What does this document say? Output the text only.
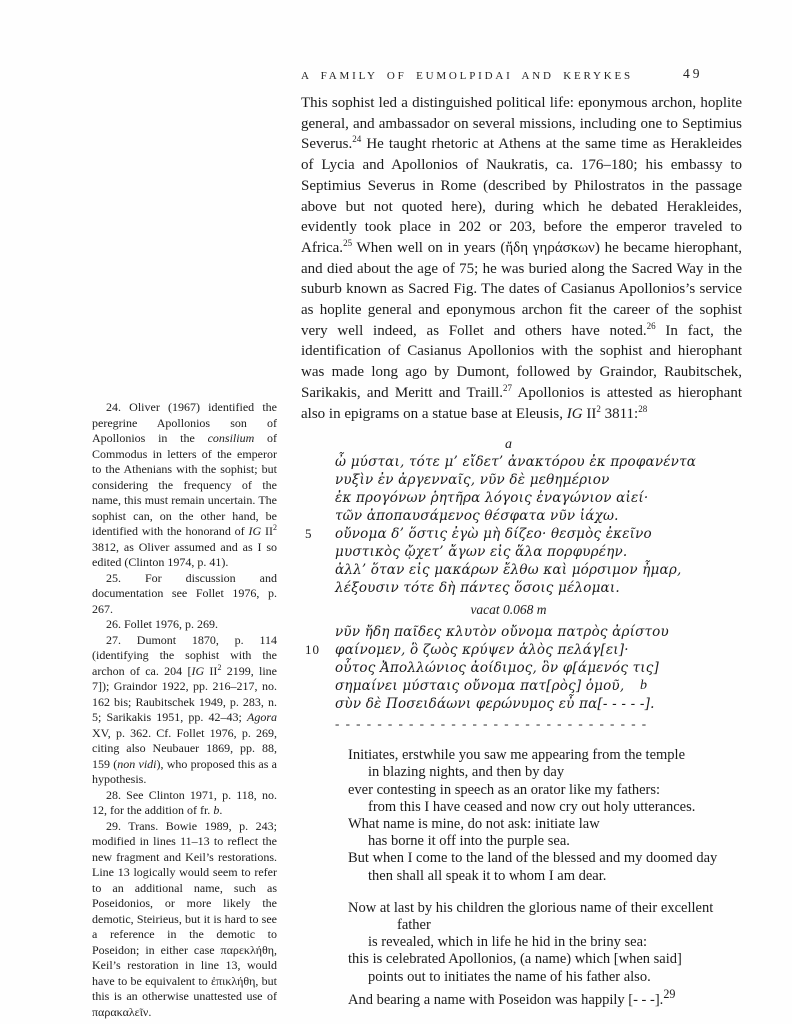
A FAMILY OF EUMOLPIDAI AND KERYKES	49

This sophist led a distinguished political life: eponymous archon, hoplite general, and ambassador on several missions, including one to Septimius Severus.$^{24}$ He taught rhetoric at Athens at the same time as Herakleides of Lycia and Apollonios of Naukratis, ca. 176–180; his embassy to Septimius Severus in Rome (described by Philostratos in the passage above but not quoted here), during which he debated Herakleides, evidently took place in 202 or 203, before the emperor traveled to Africa.$^{25}$ When well on in years (ἤδη γηράσκων) he became hierophant, and died about the age of 75; he was buried along the Sacred Way in the suburb known as Sacred Fig. The dates of Casianus Apollonios’s service as hoplite general and eponymous archon fit the career of the sophist very well indeed, as Follet and others have noted.$^{26}$ In fact, the identification of Casianus Apollonios with the sophist and hierophant was made long ago by Dumont, followed by Graindor, Raubitschek, Sarikakis, and Meritt and Traill.$^{27}$ Apollonios is attested as hierophant also in epigrams on a statue base at Eleusis, IG $II^2$ 3811:$^{28}$

a
ὦ μύσται, τότε μ’ εἴδετ’ ἀνακτόρου ἐκ προφανέντα
νυξὶν ἐν ἀργενναῖς, νῦν δὲ μεθημέριον
ἐκ προγόνων ῥητῆρα λόγοις ἐναγώνιον αἰεί·
τῶν ἀποπαυσάμενος θέσφατα νῦν ἰάχω.
5 οὔνομα δ’ ὅστις ἐγὼ μὴ δίζεο· θεσμὸς ἐκεῖνο
μυστικὸς ᾤχετ’ ἄγων εἰς ἅλα πορφυρέην.
ἀλλ’ ὅταν εἰς μακάρων ἔλθω καὶ μόρσιμον ἦμαρ,
λέξουσιν τότε δὴ πάντες ὅσοις μέλομαι.
vacat 0.068 m
νῦν ἤδη παῖδες κλυτὸν οὔνομα πατρὸς ἀρίστου
10 φαίνομεν, ὃ ζωὸς κρύψεν ἁλὸς πελάγ[ει]·
οὗτος Ἀπολλώνιος ἀοίδιμος, ὃν φ[άμενός τις]
σημαίνει μύσταις οὔνομα πατ[ρὸς] ὁμοῦ, b
σὺν δὲ Ποσειδάωνι φερώνυμος εὖ πα[- - - - -].
- - - - - - - - - - - - - - - - - - - - - - - - - - - - - -
Initiates, erstwhile you saw me appearing from the temple
in blazing nights, and then by day
ever contesting in speech as an orator like my fathers:
from this I have ceased and now cry out holy utterances.
What name is mine, do not ask: initiate law
has borne it off into the purple sea.
But when I come to the land of the blessed and my doomed day
then shall all speak it to whom I am dear.
Now at last by his children the glorious name of their excellent
father
is revealed, which in life he hid in the briny sea:
this is celebrated Apollonios, (a name) which [when said]
points out to initiates the name of his father also.
And bearing a name with Poseidon was happily [- - -].$^{29}$

24. Oliver (1967) identified the peregrine Apollonios son of Apollonios in the consilium of Commodus in letters of the emperor to the Athenians with the sophist; but considering the frequency of the name, this must remain uncertain. The sophist can, on the other hand, be identified with the honorand of IG $II^2$ 3812, as Oliver assumed and as I so edited (Clinton 1974, p. 41).

25. For discussion and documentation see Follet 1976, p. 267.

26. Follet 1976, p. 269.

27. Dumont 1870, p. 114 (identifying the sophist with the archon of ca. 204 [IG $II^2$ 2199, line 7]); Graindor 1922, pp. 216–217, no. 162 bis; Raubitschek 1949, p. 283, n. 5; Sarikakis 1951, pp. 42–43; Agora XV, p. 362. Cf. Follet 1976, p. 269, citing also Neubauer 1869, pp. 88, 159 (non vidi), who proposed this as a hypothesis.

28. See Clinton 1971, p. 118, no. 12, for the addition of fr. b.

29. Trans. Bowie 1989, p. 243; modified in lines 11–13 to reflect the new fragment and Keil’s restorations. Line 13 logically would seem to refer to an additional name, such as Poseidonios, or more likely the demotic, Steirieus, but it is hard to see a reference in the demotic to Poseidon; in either case παρεκλήθη, Keil’s restoration in line 13, would have to be equivalent to ἐπικλήθη, but this is an otherwise unattested use of παρακαλεῖν.
